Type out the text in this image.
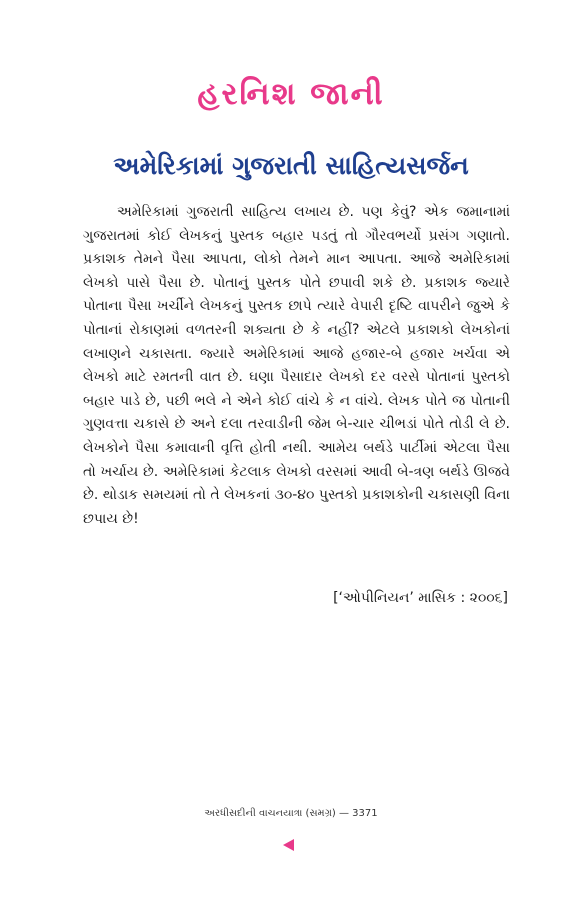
હરનિશ જાની
અમેરિકામાં ગુજરાતી સાહિત્યસર્જન

અમેરિકામાં ગુજરાતી સાહિત્ય લખાય છે. પણ કેવું? એક જમાનામાં ગુજરાતમાં કોઈ લેખકનું પુસ્તક બહાર પડતું તો ગૌરવભર્યો પ્રસંગ ગણાતો. પ્રકાશક તેમને પૈસા આપતા, લોકો તેમને માન આપતા. આજે અમેરિકામાં લેખકો પાસે પૈસા છે. પોતાનું પુસ્તક પોતે છપાવી શકે છે. પ્રકાશક જ્યારે પોતાના પૈસા ખર્ચીને લેખકનું પુસ્તક છાપે ત્યારે વેપારી દૃષ્ટિ વાપરીને જુએ કે પોતાનાં રોકાણમાં વળતરની શક્યતા છે કે નહીં? એટલે પ્રકાશકો લેખકોનાં લખાણને ચકાસતા. જ્યારે અમેરિકામાં આજે હજાર-બે હજાર ખર્ચવા એ લેખકો માટે રમતની વાત છે. ઘણા પૈસાદાર લેખકો દર વરસે પોતાનાં પુસ્તકો બહાર પાડે છે, પછી ભલે ને એને કોઈ વાંચે કે ન વાંચે. લેખક પોતે જ પોતાની ગુણવત્તા ચકાસે છે અને દલા તરવાડીની જેમ બે-ચાર ચીભડાં પોતે તોડી લે છે. લેખકોને પૈસા કમાવાની વૃત્તિ હોતી નથી. આમેય બર્થડે પાર્ટીમાં એટલા પૈસા તો ખર્ચાય છે. અમેરિકામાં કેટલાક લેખકો વરસમાં આવી બે-ત્રણ બર્થડે ઊજવે છે. થોડાક સમયમાં તો તે લેખકનાં ૩૦-૪૦ પુસ્તકો પ્રકાશકોની ચકાસણી વિના છપાય છે!

[‘ઓપીનિયન’ માસિક : ૨૦૦૬]
અરધીસદીની વાચનયાત્રા (સમગ્ર) — 3371
